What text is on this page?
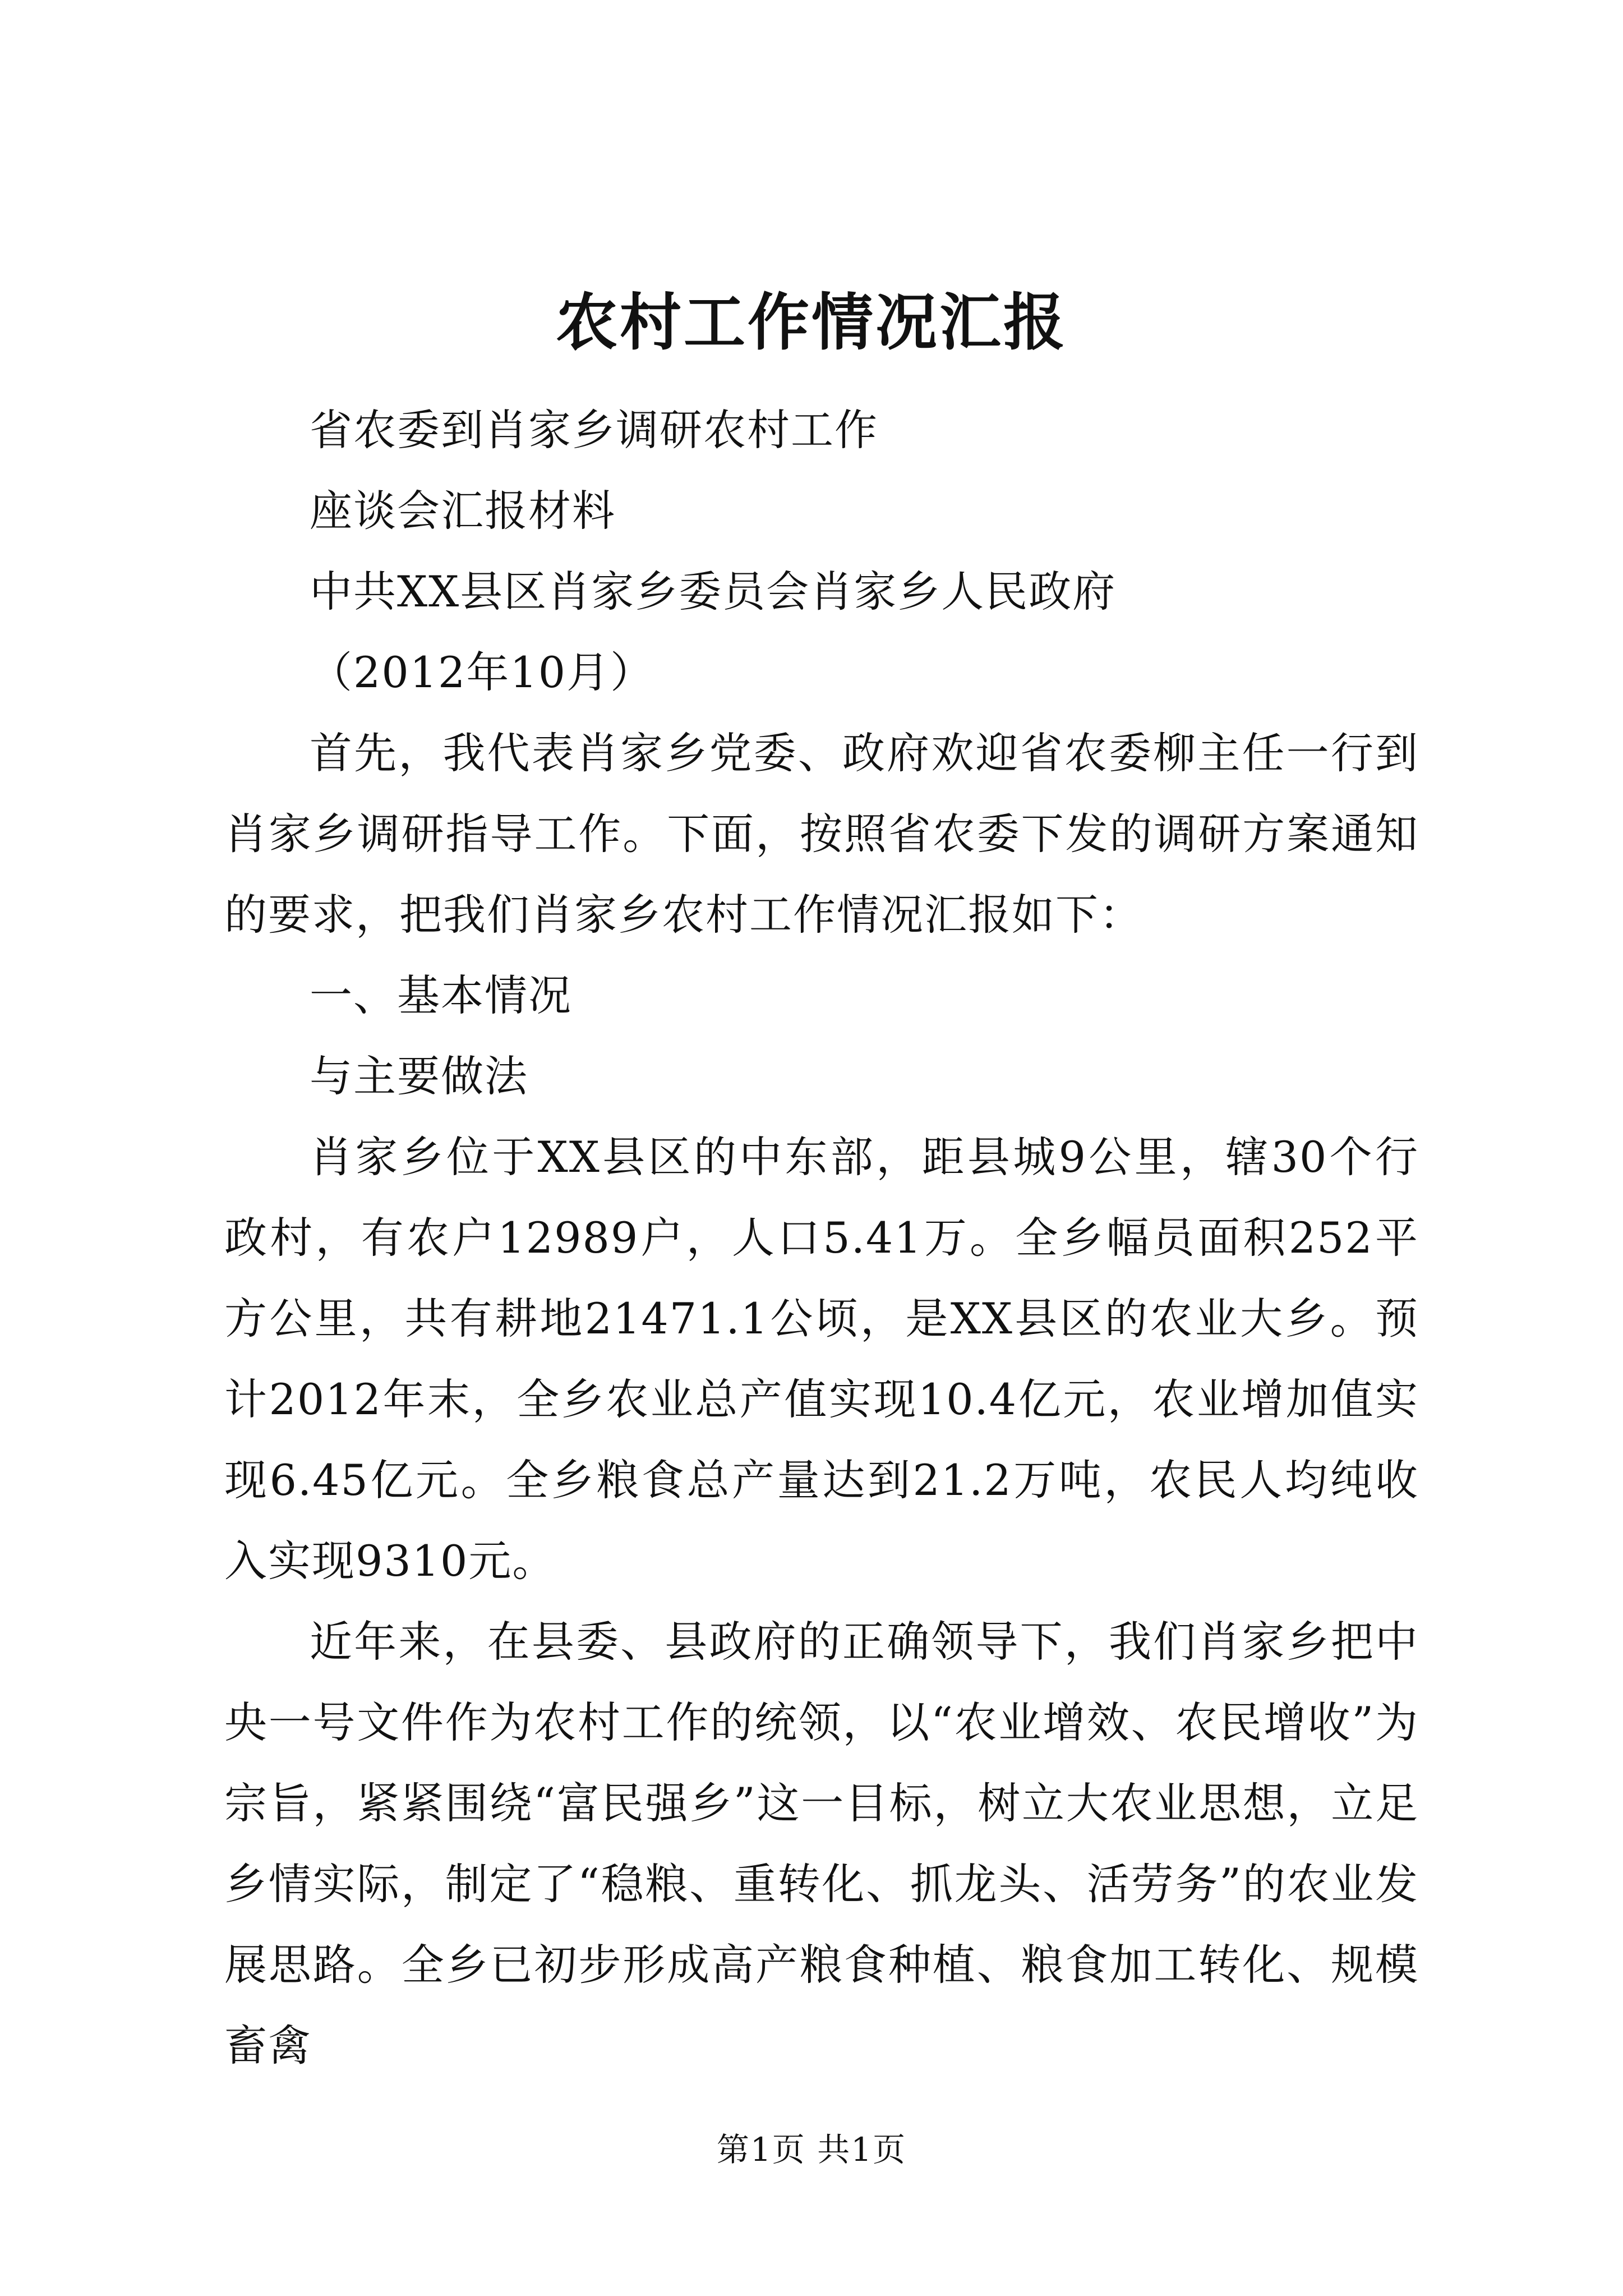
农村工作情况汇报
省农委到肖家乡调研农村工作
座谈会汇报材料
中共XX县区肖家乡委员会肖家乡人民政府
（2012年10月）
首先，我代表肖家乡党委、政府欢迎省农委柳主任一行到肖家乡调研指导工作。下面，按照省农委下发的调研方案通知的要求，把我们肖家乡农村工作情况汇报如下：
一、基本情况
与主要做法
肖家乡位于XX县区的中东部，距县城9公里，辖30个行政村，有农户12989户，人口5.41万。全乡幅员面积252平方公里，共有耕地21471.1公顷，是XX县区的农业大乡。预计2012年末，全乡农业总产值实现10.4亿元，农业增加值实现6.45亿元。全乡粮食总产量达到21.2万吨，农民人均纯收入实现9310元。
近年来，在县委、县政府的正确领导下，我们肖家乡把中央一号文件作为农村工作的统领，以“农业增效、农民增收”为宗旨，紧紧围绕“富民强乡”这一目标，树立大农业思想，立足乡情实际，制定了“稳粮、重转化、抓龙头、活劳务”的农业发展思路。全乡已初步形成高产粮食种植、粮食加工转化、规模畜禽
第1页 共1页
